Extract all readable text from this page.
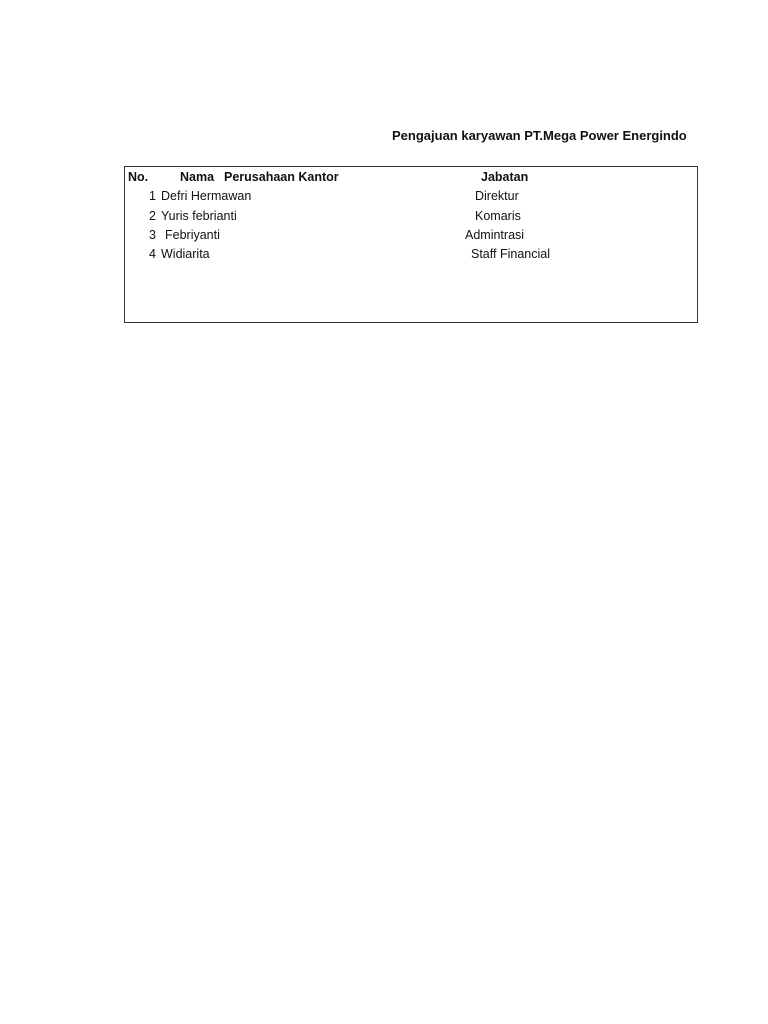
Pengajuan karyawan PT.Mega Power Energindo
No.	Nama Perusahaan Kantor	Jabatan
1 Defri Hermawan	Direktur
2 Yuris febrianti	Komaris
3 Febriyanti	Admintrasi
4 Widiarita	Staff Financial
